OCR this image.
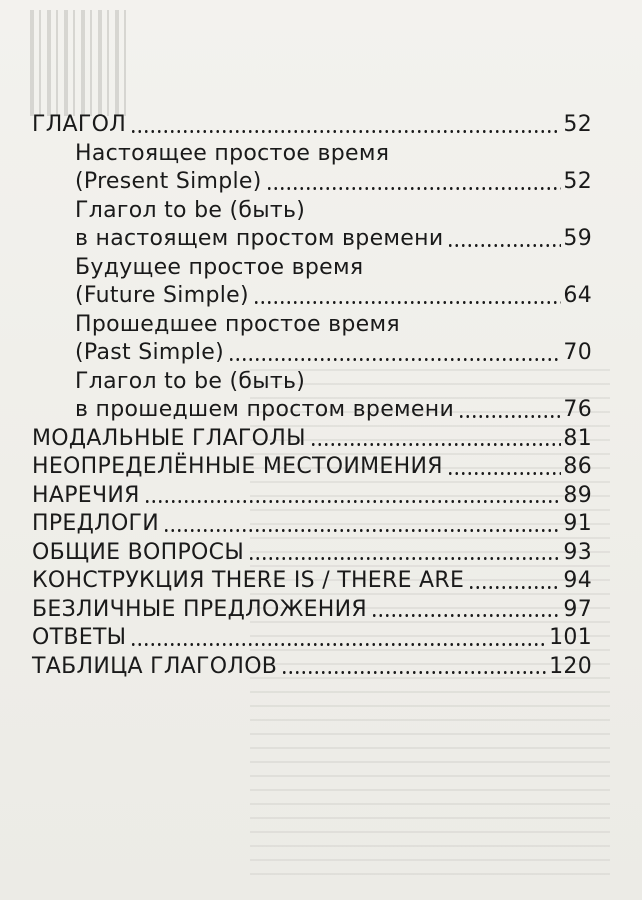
ГЛАГОЛ	52
Настоящее простое время
(Present Simple)	52
Глагол to be (быть)
в настоящем простом времени	59
Будущее простое время
(Future Simple)	64
Прошедшее простое время
(Past Simple)	70
Глагол to be (быть)
в прошедшем простом времени	76
МОДАЛЬНЫЕ ГЛАГОЛЫ	81
НЕОПРЕДЕЛЁННЫЕ МЕСТОИМЕНИЯ	86
НАРЕЧИЯ	89
ПРЕДЛОГИ	91
ОБЩИЕ ВОПРОСЫ	93
КОНСТРУКЦИЯ THERE IS / THERE ARE	94
БЕЗЛИЧНЫЕ ПРЕДЛОЖЕНИЯ	97
ОТВЕТЫ	101
ТАБЛИЦА ГЛАГОЛОВ	120
